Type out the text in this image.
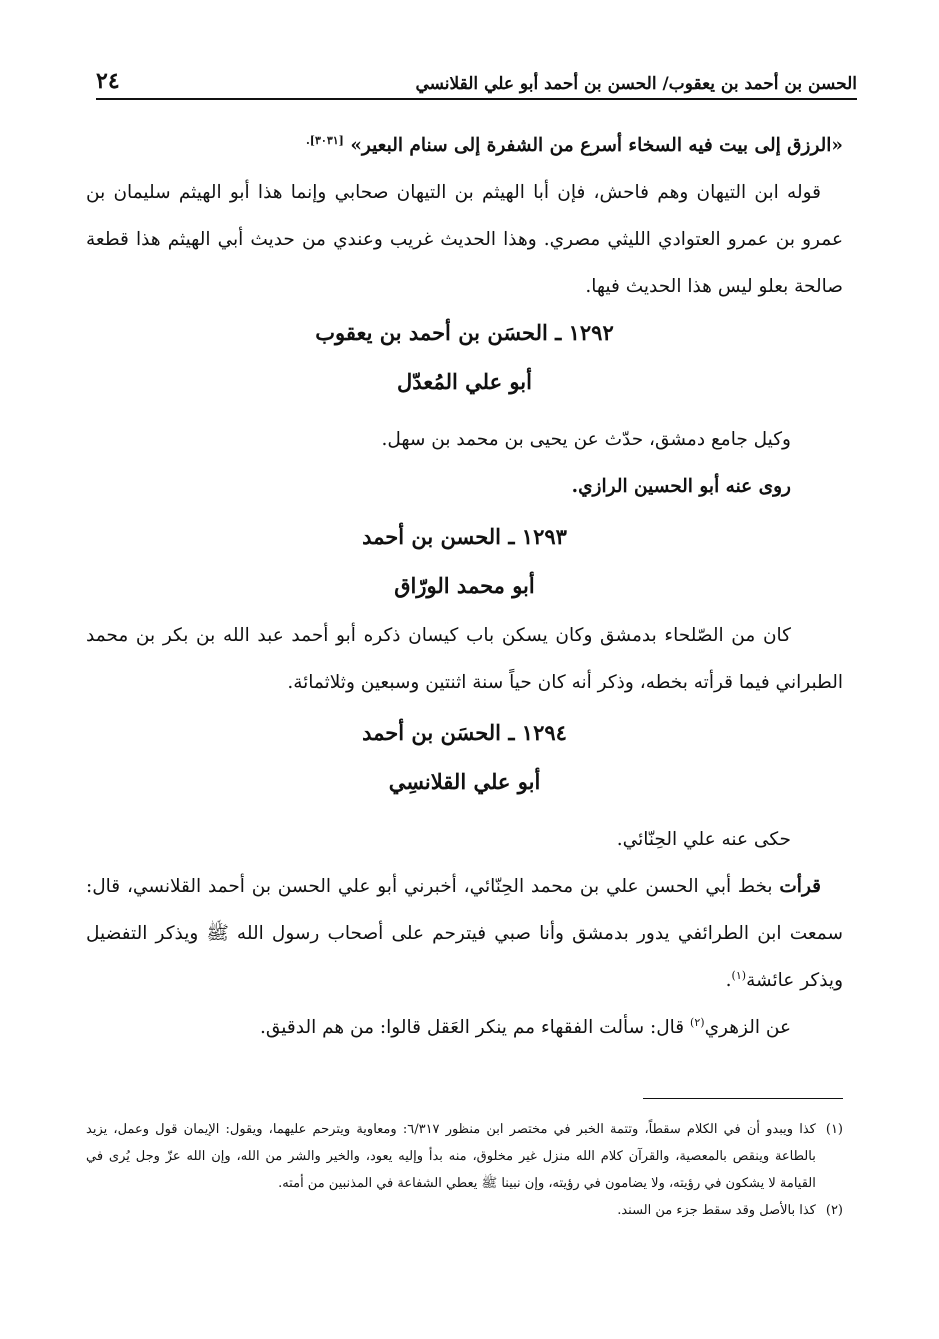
الحسن بن أحمد بن يعقوب/ الحسن بن أحمد أبو علي القلانسي
٢٤

«الرزق إلى بيت فيه السخاء أسرع من الشفرة إلى سنام البعير» $^{[٣٠٣١].}$

قوله ابن التيهان وهم فاحش، فإن أبا الهيثم بن التيهان صحابي وإنما هذا أبو الهيثم سليمان بن عمرو بن عمرو العتوادي الليثي مصري. وهذا الحديث غريب وعندي من حديث أبي الهيثم هذا قطعة صالحة بعلو ليس هذا الحديث فيها.

١٢٩٢ ـ الحسَن بن أحمد بن يعقوب

أبو علي المُعدّل

وكيل جامع دمشق، حدّث عن يحيى بن محمد بن سهل.

روى عنه أبو الحسين الرازي.

١٢٩٣ ـ الحسن بن أحمد

أبو محمد الورّاق

كان من الصّلحاء بدمشق وكان يسكن باب كيسان ذكره أبو أحمد عبد الله بن بكر بن محمد الطبراني فيما قرأته بخطه، وذكر أنه كان حياً سنة اثنتين وسبعين وثلاثمائة.

١٢٩٤ ـ الحسَن بن أحمد

أبو علي القلانسِي

حكى عنه علي الحِنّائي.

قرأت بخط أبي الحسن علي بن محمد الحِنّائي، أخبرني أبو علي الحسن بن أحمد القلانسي، قال: سمعت ابن الطرائفي يدور بدمشق وأنا صبي فيترحم على أصحاب رسول الله ﷺ ويذكر التفضيل ويذكر عائشة$^{(١)}$.

عن الزهري$^{(٢)}$ قال: سألت الفقهاء مم ينكر العَقل قالوا: من هم الدقيق.

(١)
كذا ويبدو أن في الكلام سقطاً، وتتمة الخبر في مختصر ابن منظور ٦/٣١٧: ومعاوية ويترحم عليهما، ويقول: الإيمان قول وعمل، يزيد بالطاعة وينقص بالمعصية، والقرآن كلام الله منزل غير مخلوق، منه بدأ وإليه يعود، والخير والشر من الله، وإن الله عزّ وجل يُرى في القيامة لا يشكون في رؤيته، ولا يضامون في رؤيته، وإن نبينا ﷺ يعطي الشفاعة في المذنبين من أمته.
(٢)
كذا بالأصل وقد سقط جزء من السند.
